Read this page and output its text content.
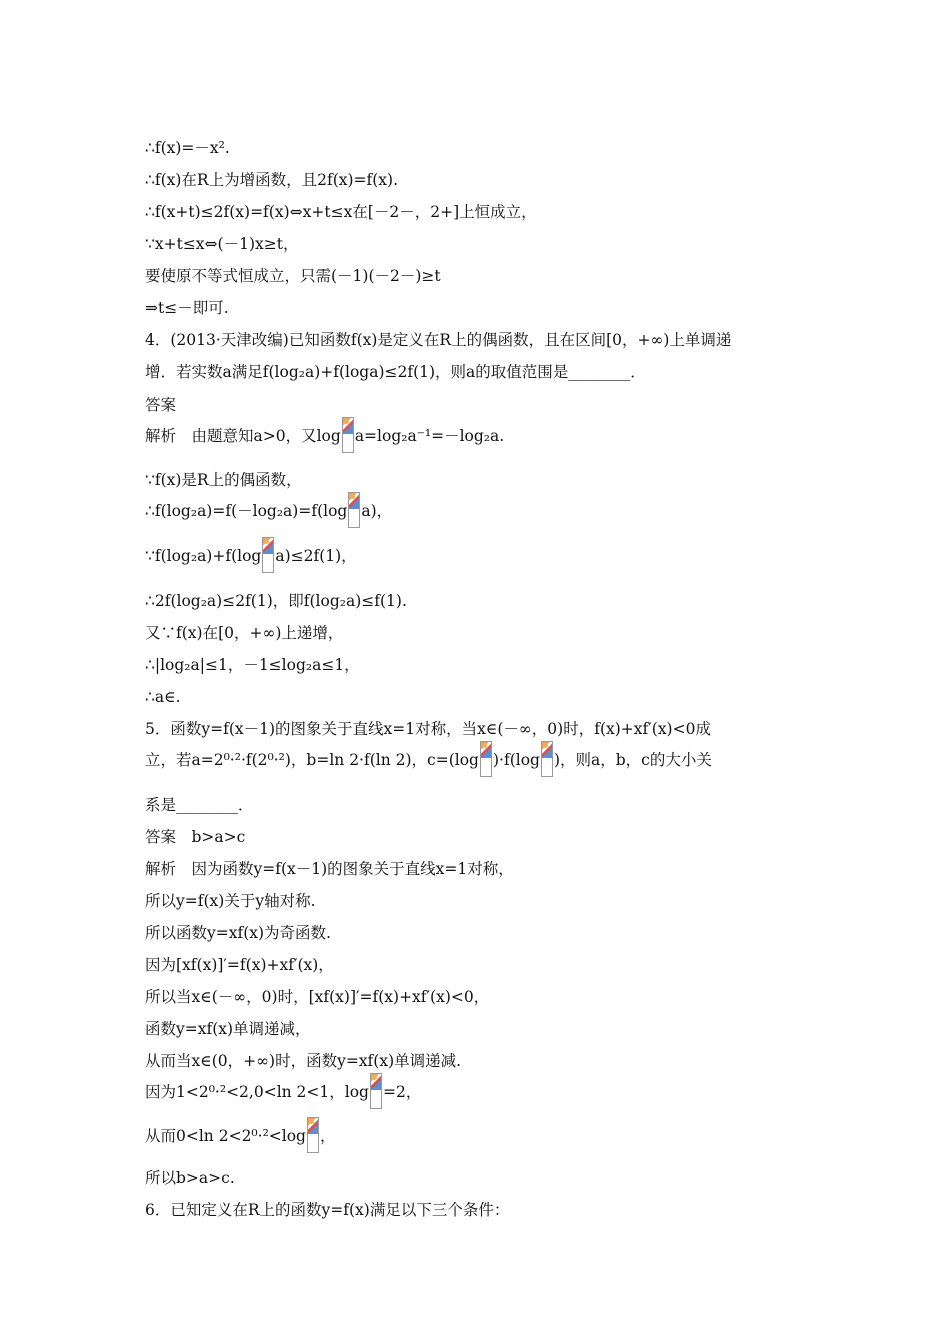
∴f(x)=－x².
∴f(x)在R上为增函数，且2f(x)=f(x).
∴f(x+t)≤2f(x)=f(x)⇔x+t≤x在[－2－，2+]上恒成立，
∵x+t≤x⇔(－1)x≥t，
要使原不等式恒成立，只需(－1)(－2－)≥t
⇒t≤－即可.
4．(2013·天津改编)已知函数f(x)是定义在R上的偶函数，且在区间[0，+∞)上单调递
增．若实数a满足f(log₂a)+f(loga)≤2f(1)，则a的取值范围是________．
答案
解析　由题意知a>0，又log a=log₂a⁻¹=－log₂a.
∵f(x)是R上的偶函数，
∴f(log₂a)=f(－log₂a)=f(log a)，
∵f(log₂a)+f(log a)≤2f(1)，
∴2f(log₂a)≤2f(1)，即f(log₂a)≤f(1).
又∵f(x)在[0，+∞)上递增，
∴|log₂a|≤1，－1≤log₂a≤1，
∴a∈.
5．函数y=f(x－1)的图象关于直线x=1对称，当x∈(－∞，0)时，f(x)+xf′(x)<0成
立，若a=2⁰·²·f(2⁰·²)，b=ln 2·f(ln 2)，c=(log )·f(log )，则a，b，c的大小关
系是________．
答案　b>a>c
解析　因为函数y=f(x－1)的图象关于直线x=1对称，
所以y=f(x)关于y轴对称.
所以函数y=xf(x)为奇函数.
因为[xf(x)]′=f(x)+xf′(x)，
所以当x∈(－∞，0)时，[xf(x)]′=f(x)+xf′(x)<0，
函数y=xf(x)单调递减，
从而当x∈(0，+∞)时，函数y=xf(x)单调递减.
因为1<2⁰·²<2,0<ln 2<1，log =2，
从而0<ln 2<2⁰·²<log ，
所以b>a>c.
6．已知定义在R上的函数y=f(x)满足以下三个条件：
